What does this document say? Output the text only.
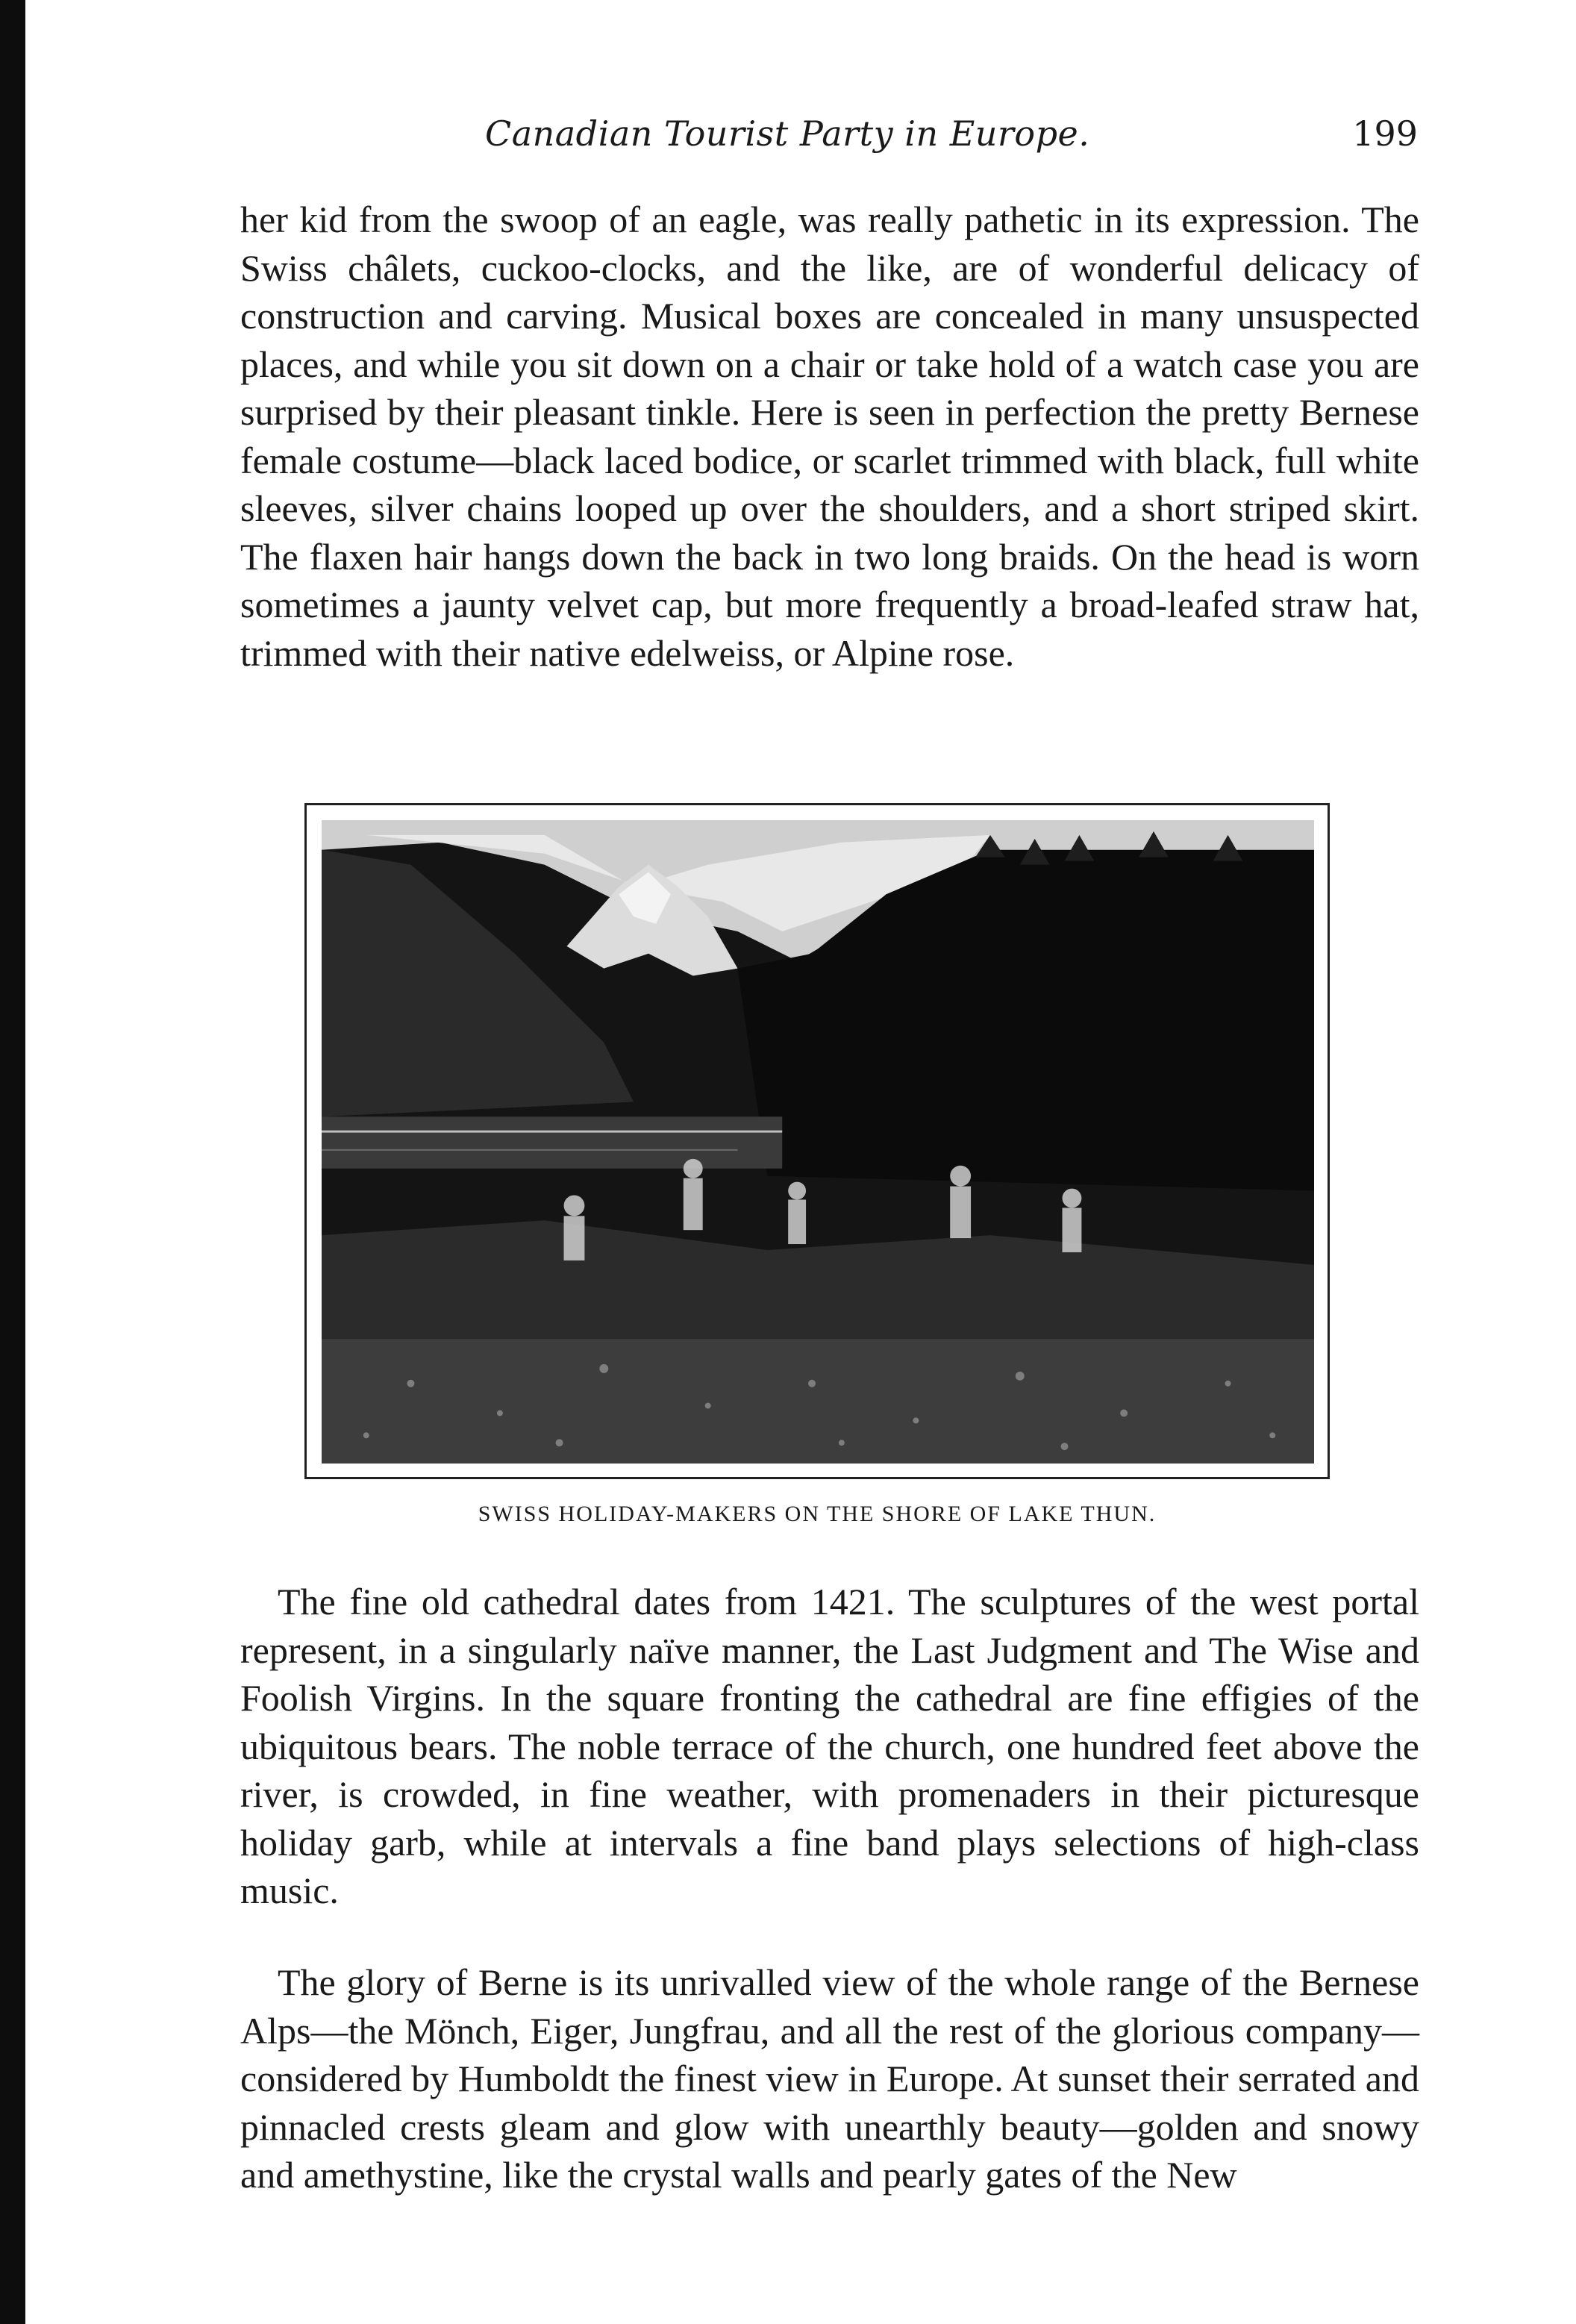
Canadian Tourist Party in Europe.	199

her kid from the swoop of an eagle, was really pathetic in its expression. The Swiss châlets, cuckoo-clocks, and the like, are of wonderful delicacy of construction and carving. Musical boxes are concealed in many unsuspected places, and while you sit down on a chair or take hold of a watch case you are surprised by their pleasant tinkle. Here is seen in perfection the pretty Bernese female costume—black laced bodice, or scarlet trimmed with black, full white sleeves, silver chains looped up over the shoulders, and a short striped skirt. The flaxen hair hangs down the back in two long braids. On the head is worn sometimes a jaunty velvet cap, but more frequently a broad-leafed straw hat, trimmed with their native edelweiss, or Alpine rose.

SWISS HOLIDAY-MAKERS ON THE SHORE OF LAKE THUN.

The fine old cathedral dates from 1421. The sculptures of the west portal represent, in a singularly naïve manner, the Last Judgment and The Wise and Foolish Virgins. In the square fronting the cathedral are fine effigies of the ubiquitous bears. The noble terrace of the church, one hundred feet above the river, is crowded, in fine weather, with promenaders in their picturesque holiday garb, while at intervals a fine band plays selections of high-class music.

The glory of Berne is its unrivalled view of the whole range of the Bernese Alps—the Mönch, Eiger, Jungfrau, and all the rest of the glorious company—considered by Humboldt the finest view in Europe. At sunset their serrated and pinnacled crests gleam and glow with unearthly beauty—golden and snowy and amethystine, like the crystal walls and pearly gates of the New
